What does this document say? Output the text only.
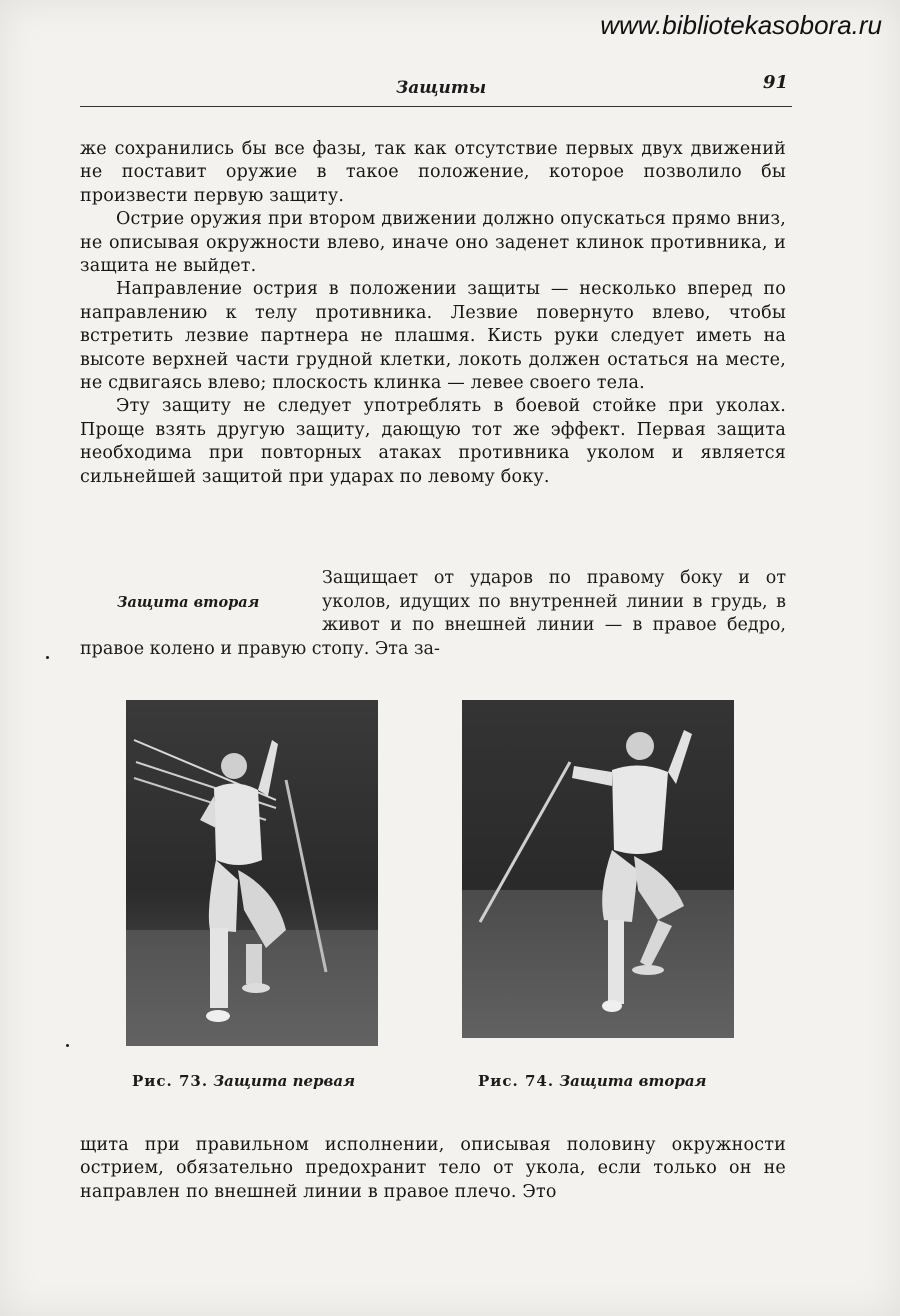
www.bibliotekasobora.ru
Защиты	91

же сохранились бы все фазы, так как отсутствие первых двух движений не поставит оружие в такое положение, которое позволило бы произвести первую защиту.

Острие оружия при втором движении должно опускаться прямо вниз, не описывая окружности влево, иначе оно заденет клинок противника, и защита не выйдет.

Направление острия в положении защиты — несколько вперед по направлению к телу противника. Лезвие повернуто влево, чтобы встретить лезвие партнера не плашмя. Кисть руки следует иметь на высоте верхней части грудной клетки, локоть должен остаться на месте, не сдвигаясь влево; плоскость клинка — левее своего тела.

Эту защиту не следует употреблять в боевой стойке при уколах. Проще взять другую защиту, дающую тот же эффект. Первая защита необходима при повторных атаках противника уколом и является сильнейшей защитой при ударах по левому боку.

Защита вторая

Защищает от ударов по правому боку и от уколов, идущих по внутренней линии в грудь, в живот и по внешней линии — в правое бедро, правое колено и правую стопу. Эта за-

Рис. 73. Защита первая	Рис. 74. Защита вторая

щита при правильном исполнении, описывая половину окружности острием, обязательно предохранит тело от укола, если только он не направлен по внешней линии в правое плечо. Это
